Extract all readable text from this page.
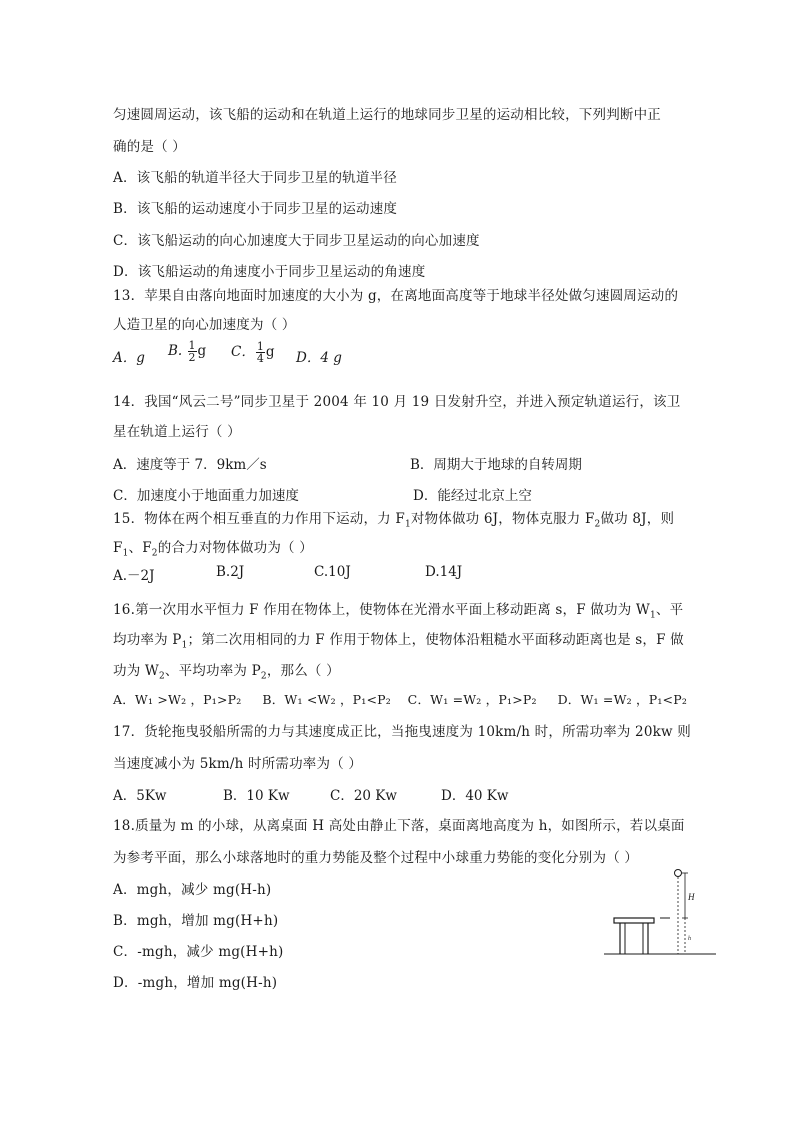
匀速圆周运动，该飞船的运动和在轨道上运行的地球同步卫星的运动相比较，下列判断中正
确的是（ ）
A．该飞船的轨道半径大于同步卫星的轨道半径
B．该飞船的运动速度小于同步卫星的运动速度
C．该飞船运动的向心加速度大于同步卫星运动的向心加速度
D．该飞船运动的角速度小于同步卫星运动的角速度
13．苹果自由落向地面时加速度的大小为 g，在离地面高度等于地球半径处做匀速圆周运动的
人造卫星的向心加速度为（ ）
A．g B. $\frac{1}{2}$ g C． $\frac{1}{4}$ g D．4 g
14．我国“风云二号”同步卫星于 2004 年 10 月 19 日发射升空，并进入预定轨道运行，该卫
星在轨道上运行（ ）
A．速度等于 7．9km／s	B．周期大于地球的自转周期
C．加速度小于地面重力加速度	D．能经过北京上空
15．物体在两个相互垂直的力作用下运动，力 $F_1$对物体做功 6J，物体克服力 $F_2$做功 8J，则
$F_1$、$F_2$的合力对物体做功为（ ）
A.－2J	B.2J	C.10J	D.14J
16.第一次用水平恒力 F 作用在物体上，使物体在光滑水平面上移动距离 s，F 做功为 $W_1$、平
均功率为 $P_1$；第二次用相同的力 F 作用于物体上，使物体沿粗糙水平面移动距离也是 s，F 做
功为 $W_2$、平均功率为 $P_2$，那么（ ）
A．W₁ >W₂ ，P₁>P₂     B．W₁ <W₂ ，P₁<P₂    C．W₁ =W₂ ，P₁>P₂     D．W₁ =W₂ ，P₁<P₂
17．货轮拖曳驳船所需的力与其速度成正比，当拖曳速度为 10km/h 时，所需功率为 20kw 则
当速度减小为 5km/h 时所需功率为（ ）
A．5Kw	B．10 Kw	C．20 Kw	D．40 Kw
18.质量为 m 的小球，从离桌面 H 高处由静止下落，桌面离地高度为 h，如图所示，若以桌面
为参考平面，那么小球落地时的重力势能及整个过程中小球重力势能的变化分别为（ ）
A．mgh，减少 mg(H-h)
B．mgh，增加 mg(H+h)
C．-mgh，减少 mg(H+h)
D．-mgh，增加 mg(H-h)
H
h
